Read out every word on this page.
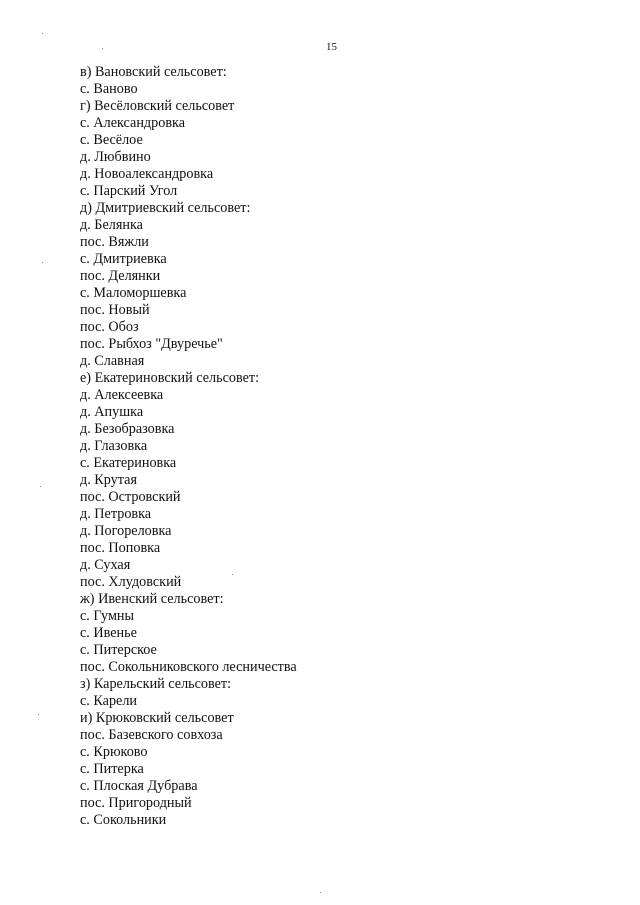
15
в) Вановский сельсовет:
с. Ваново
г) Весёловский сельсовет
с. Александровка
с. Весёлое
д. Любвино
д. Новоалександровка
с. Парский Угол
д) Дмитриевский сельсовет:
д. Белянка
пос. Вяжли
с. Дмитриевка
пос. Делянки
с. Маломоршевка
пос. Новый
пос. Обоз
пос. Рыбхоз "Двуречье"
д. Славная
е) Екатериновский сельсовет:
д. Алексеевка
д. Апушка
д. Безобразовка
д. Глазовка
с. Екатериновка
д. Крутая
пос. Островский
д. Петровка
д. Погореловка
пос. Поповка
д. Сухая
пос. Хлудовский
ж) Ивенский сельсовет:
с. Гумны
с. Ивенье
с. Питерское
пос. Сокольниковского лесничества
з) Карельский сельсовет:
с. Карели
и) Крюковский сельсовет
пос. Базевского совхоза
с. Крюково
с. Питерка
с. Плоская Дубрава
пос. Пригородный
с. Сокольники
